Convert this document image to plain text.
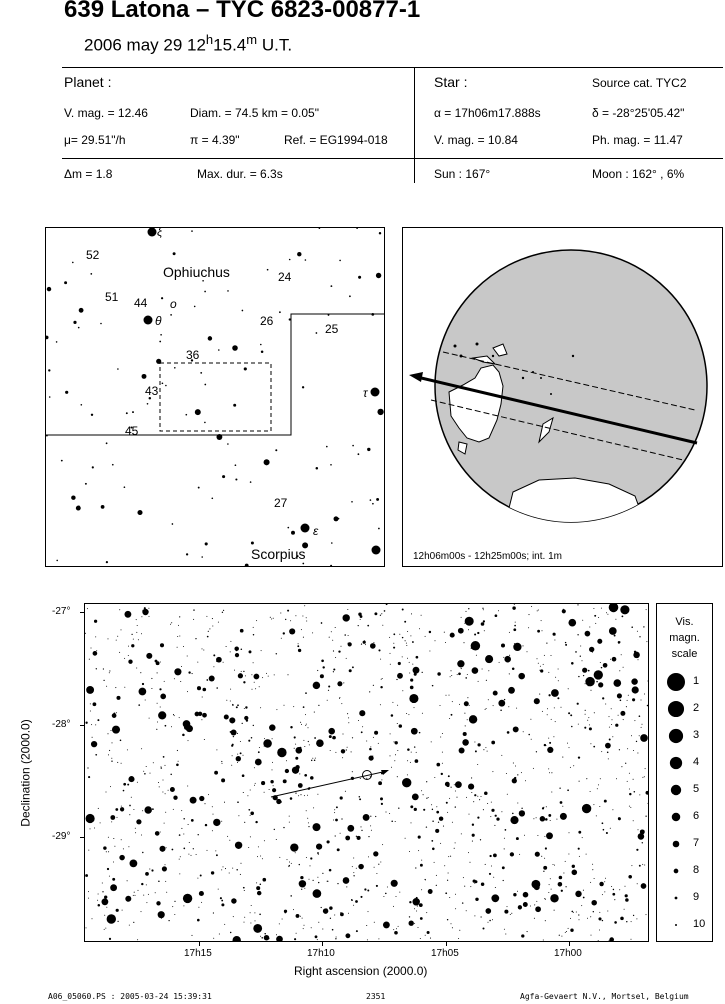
639 Latona – TYC 6823-00877-1
2006 may 29 12$^h$15.4$^m$ U.T.
Planet :
V. mag. = 12.46	Diam. = 74.5 km = 0.05"
μ= 29.51"/h	π = 4.39"	Ref. = EG1994-018
Δm = 1.8	Max. dur. = 6.3s
Star :	Source cat. TYC2
α = 17h06m17.888s	δ = -28°25'05.42"
V. mag. = 10.84	Ph. mag. = 11.47
Sun : 167°	Moon : 162° , 6%
Ophiuchus
Scorpius
52
51 44 o
θ
36
43
45
24
26
25
τ
27
ε
ξ
12h06m00s - 12h25m00s; int. 1m
-27°
-28°
-29°
17h15	17h10	17h05	17h00
Right ascension (2000.0)
Declination (2000.0)
Vis.
magn.
scale
1
2
3
4
5
6
7
8
9
10
A06_05060.PS : 2005-03-24 15:39:31	2351	Agfa-Gevaert N.V., Mortsel, Belgium
